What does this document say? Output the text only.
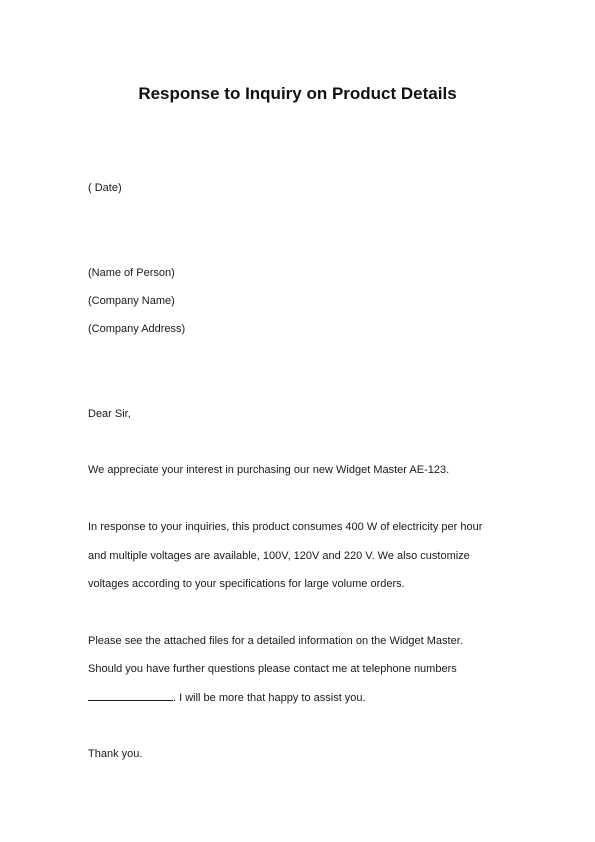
Response to Inquiry on Product Details
( Date)
(Name of Person)
(Company Name)
(Company Address)
Dear Sir,
We appreciate your interest in purchasing our new Widget Master AE-123.
In response to your inquiries, this product consumes 400 W of electricity per hour
and multiple voltages are available, 100V, 120V and 220 V. We also customize
voltages according to your specifications for large volume orders.
Please see the attached files for a detailed information on the Widget Master.
Should you have further questions please contact me at telephone numbers
. I will be more that happy to assist you.
Thank you.
